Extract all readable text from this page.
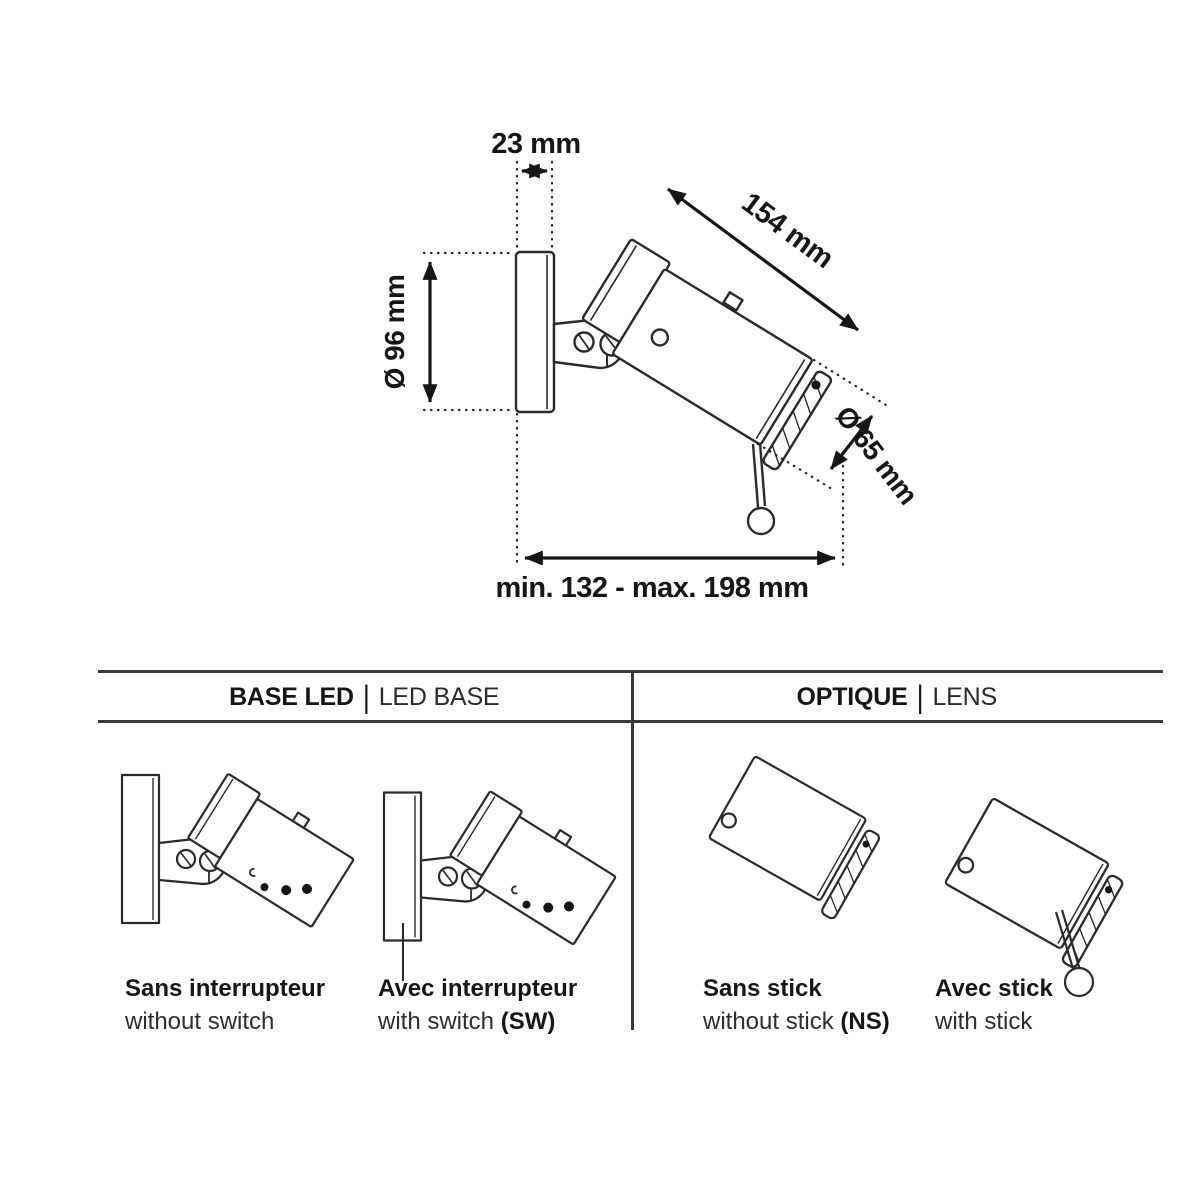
23 mm
Ø 96 mm
154 mm
Ø 65 mm
min. 132 - max. 198 mm
BASE LED | LED BASE	OPTIQUE | LENS
Sans interrupteur
without switch
Avec interrupteur
with switch (SW)
Sans stick
without stick (NS)
Avec stick
with stick
